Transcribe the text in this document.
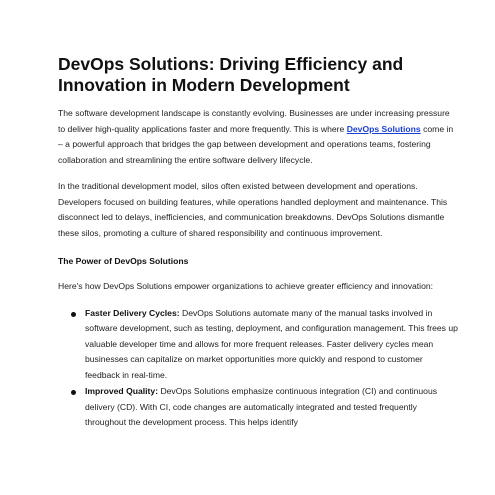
DevOps Solutions: Driving Efficiency and Innovation in Modern Development

The software development landscape is constantly evolving. Businesses are under increasing pressure to deliver high-quality applications faster and more frequently. This is where DevOps Solutions come in – a powerful approach that bridges the gap between development and operations teams, fostering collaboration and streamlining the entire software delivery lifecycle.

In the traditional development model, silos often existed between development and operations. Developers focused on building features, while operations handled deployment and maintenance. This disconnect led to delays, inefficiencies, and communication breakdowns. DevOps Solutions dismantle these silos, promoting a culture of shared responsibility and continuous improvement.

The Power of DevOps Solutions

Here's how DevOps Solutions empower organizations to achieve greater efficiency and innovation:

Faster Delivery Cycles: DevOps Solutions automate many of the manual tasks involved in software development, such as testing, deployment, and configuration management. This frees up valuable developer time and allows for more frequent releases. Faster delivery cycles mean businesses can capitalize on market opportunities more quickly and respond to customer feedback in real-time.
Improved Quality: DevOps Solutions emphasize continuous integration (CI) and continuous delivery (CD). With CI, code changes are automatically integrated and tested frequently throughout the development process. This helps identify
